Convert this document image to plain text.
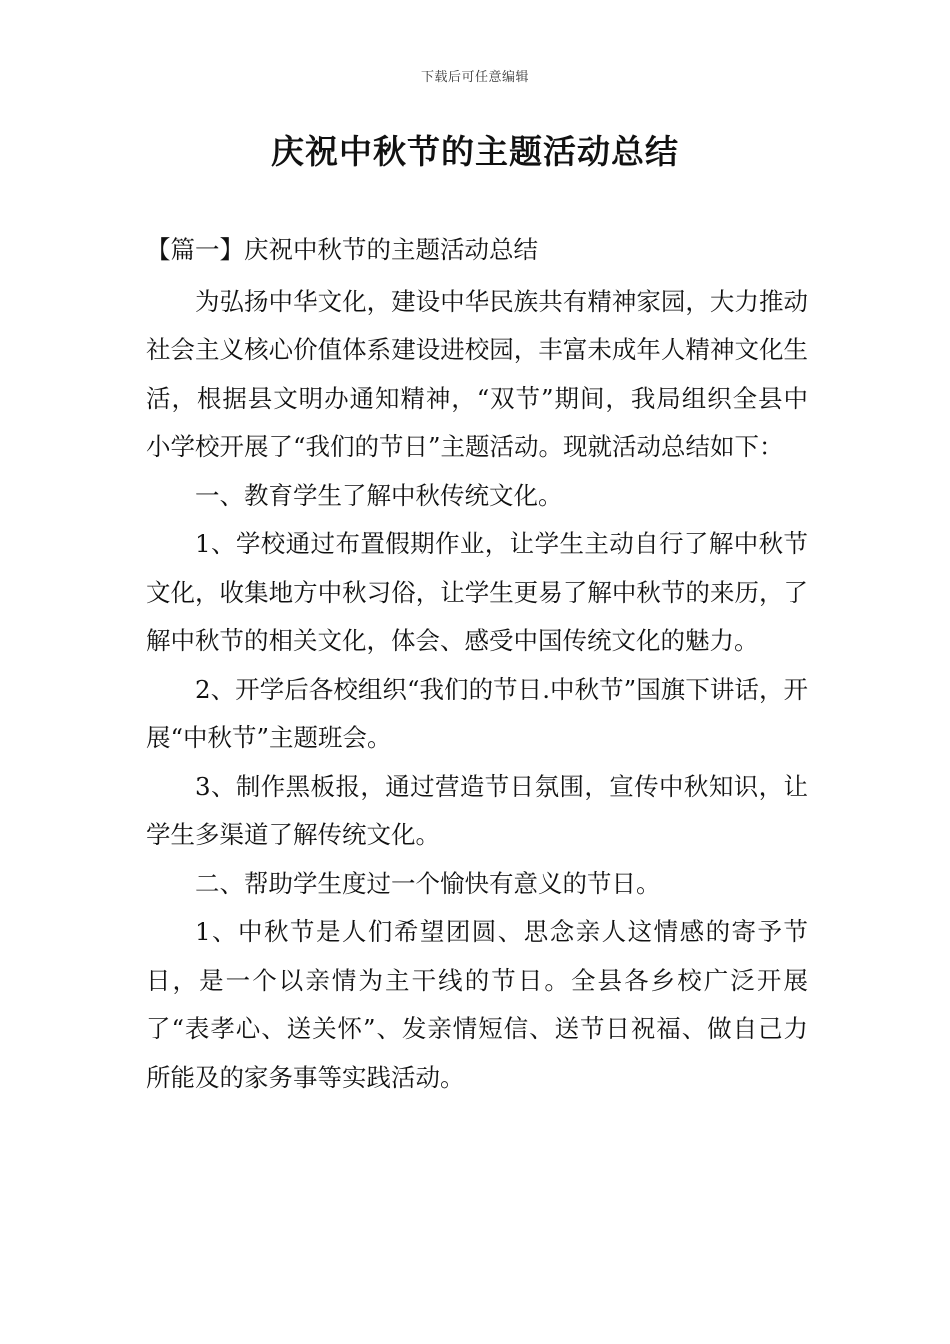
下载后可任意编辑
庆祝中秋节的主题活动总结

【篇一】庆祝中秋节的主题活动总结

为弘扬中华文化，建设中华民族共有精神家园，大力推动社会主义核心价值体系建设进校园，丰富未成年人精神文化生活，根据县文明办通知精神，“双节”期间，我局组织全县中小学校开展了“我们的节日”主题活动。现就活动总结如下：

一、教育学生了解中秋传统文化。

1、学校通过布置假期作业，让学生主动自行了解中秋节文化，收集地方中秋习俗，让学生更易了解中秋节的来历，了解中秋节的相关文化，体会、感受中国传统文化的魅力。

2、开学后各校组织“我们的节日.中秋节”国旗下讲话，开展“中秋节”主题班会。

3、制作黑板报，通过营造节日氛围，宣传中秋知识，让学生多渠道了解传统文化。

二、帮助学生度过一个愉快有意义的节日。

1、中秋节是人们希望团圆、思念亲人这情感的寄予节日，是一个以亲情为主干线的节日。全县各乡校广泛开展了“表孝心、送关怀”、发亲情短信、送节日祝福、做自己力所能及的家务事等实践活动。
